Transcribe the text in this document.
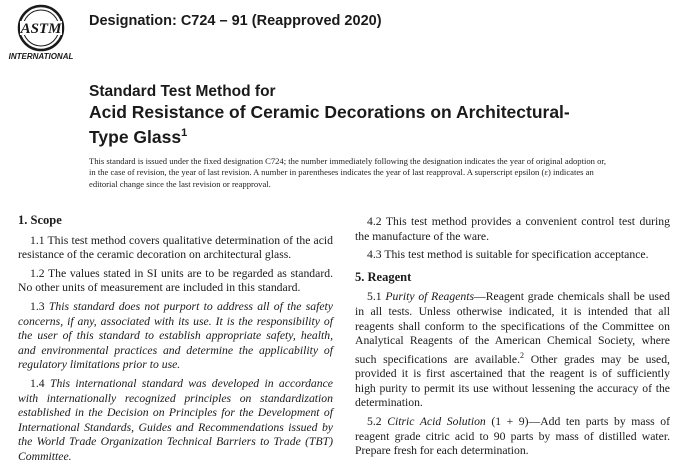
ASTM
INTERNATIONAL
Designation: C724 – 91 (Reapproved 2020)
Standard Test Method for
Acid Resistance of Ceramic Decorations on Architectural-
Type Glass$^1$

This standard is issued under the fixed designation C724; the number immediately following the designation indicates the year of original adoption or, in the case of revision, the year of last revision. A number in parentheses indicates the year of last reapproval. A superscript epsilon (ε) indicates an editorial change since the last revision or reapproval.

1. Scope

1.1 This test method covers qualitative determination of the acid resistance of the ceramic decoration on architectural glass.

1.2 The values stated in SI units are to be regarded as standard. No other units of measurement are included in this standard.

1.3 This standard does not purport to address all of the safety concerns, if any, associated with its use. It is the responsibility of the user of this standard to establish appropriate safety, health, and environmental practices and determine the applicability of regulatory limitations prior to use.

1.4 This international standard was developed in accordance with internationally recognized principles on standardization established in the Decision on Principles for the Development of International Standards, Guides and Recommendations issued by the World Trade Organization Technical Barriers to Trade (TBT) Committee.

4.2 This test method provides a convenient control test during the manufacture of the ware.

4.3 This test method is suitable for specification acceptance.

5. Reagent

5.1 Purity of Reagents—Reagent grade chemicals shall be used in all tests. Unless otherwise indicated, it is intended that all reagents shall conform to the specifications of the Committee on Analytical Reagents of the American Chemical Society, where such specifications are available.$^2$ Other grades may be used, provided it is first ascertained that the reagent is of sufficiently high purity to permit its use without lessening the accuracy of the determination.

5.2 Citric Acid Solution (1 + 9)—Add ten parts by mass of reagent grade citric acid to 90 parts by mass of distilled water. Prepare fresh for each determination.
